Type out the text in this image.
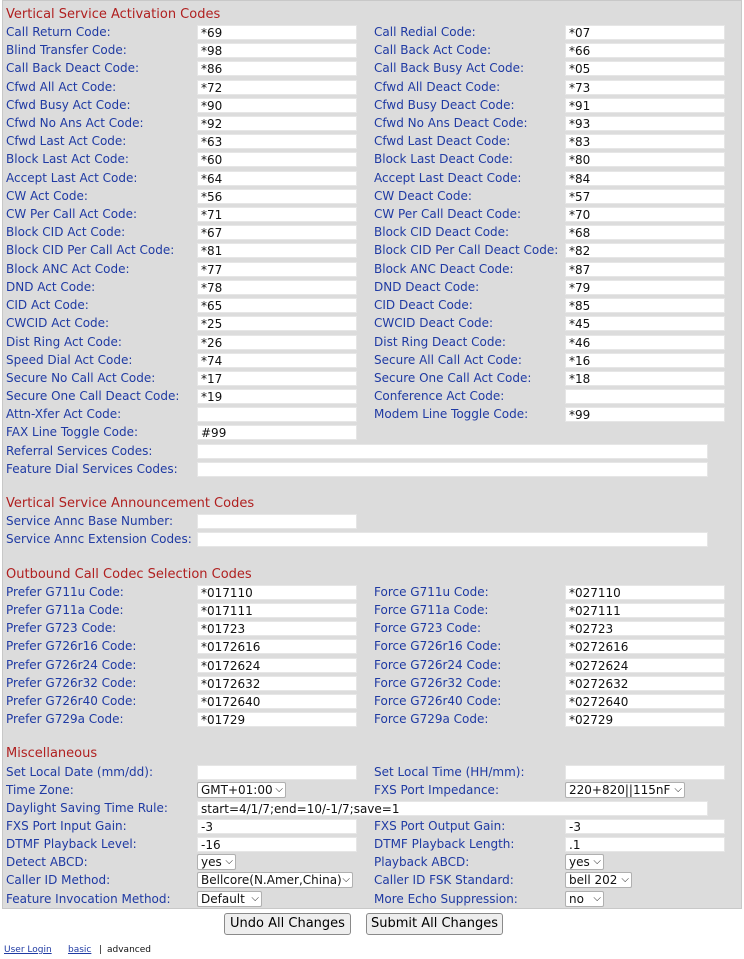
Vertical Service Activation Codes
Call Return Code:	*69	Call Redial Code:	*07
Blind Transfer Code:	*98	Call Back Act Code:	*66
Call Back Deact Code:	*86	Call Back Busy Act Code:	*05
Cfwd All Act Code:	*72	Cfwd All Deact Code:	*73
Cfwd Busy Act Code:	*90	Cfwd Busy Deact Code:	*91
Cfwd No Ans Act Code:	*92	Cfwd No Ans Deact Code:	*93
Cfwd Last Act Code:	*63	Cfwd Last Deact Code:	*83
Block Last Act Code:	*60	Block Last Deact Code:	*80
Accept Last Act Code:	*64	Accept Last Deact Code:	*84
CW Act Code:	*56	CW Deact Code:	*57
CW Per Call Act Code:	*71	CW Per Call Deact Code:	*70
Block CID Act Code:	*67	Block CID Deact Code:	*68
Block CID Per Call Act Code:	*81	Block CID Per Call Deact Code: *82
Block ANC Act Code:	*77	Block ANC Deact Code:	*87
DND Act Code:	*78	DND Deact Code:	*79
CID Act Code:	*65	CID Deact Code:	*85
CWCID Act Code:	*25	CWCID Deact Code:	*45
Dist Ring Act Code:	*26	Dist Ring Deact Code:	*46
Speed Dial Act Code:	*74	Secure All Call Act Code:	*16
Secure No Call Act Code:	*17	Secure One Call Act Code:	*18
Secure One Call Deact Code:	*19	Conference Act Code:
Attn-Xfer Act Code:	Modem Line Toggle Code:	*99
FAX Line Toggle Code:	#99
Referral Services Codes:
Feature Dial Services Codes:
Vertical Service Announcement Codes
Service Annc Base Number:
Service Annc Extension Codes:
Outbound Call Codec Selection Codes
Prefer G711u Code:	*017110	Force G711u Code:	*027110
Prefer G711a Code:	*017111	Force G711a Code:	*027111
Prefer G723 Code:	*01723	Force G723 Code:	*02723
Prefer G726r16 Code:	*0172616	Force G726r16 Code:	*0272616
Prefer G726r24 Code:	*0172624	Force G726r24 Code:	*0272624
Prefer G726r32 Code:	*0172632	Force G726r32 Code:	*0272632
Prefer G726r40 Code:	*0172640	Force G726r40 Code:	*0272640
Prefer G729a Code:	*01729	Force G729a Code:	*02729
Miscellaneous
Set Local Date (mm/dd):	Set Local Time (HH/mm):
Time Zone:	GMT+01:00 ⌵	FXS Port Impedance:	220+820||115nF ⌵
Daylight Saving Time Rule:	start=4/1/7;end=10/-1/7;save=1
FXS Port Input Gain:	-3	FXS Port Output Gain:	-3
DTMF Playback Level:	-16	DTMF Playback Length:	.1
Detect ABCD:	yes ⌵	Playback ABCD:	yes ⌵
Caller ID Method:	Bellcore(N.Amer,China) ⌵ Caller ID FSK Standard:	bell 202 ⌵
Feature Invocation Method:	Default ⌵	More Echo Suppression:	no ⌵
Undo All Changes	Submit All Changes
User Login basic | advanced
